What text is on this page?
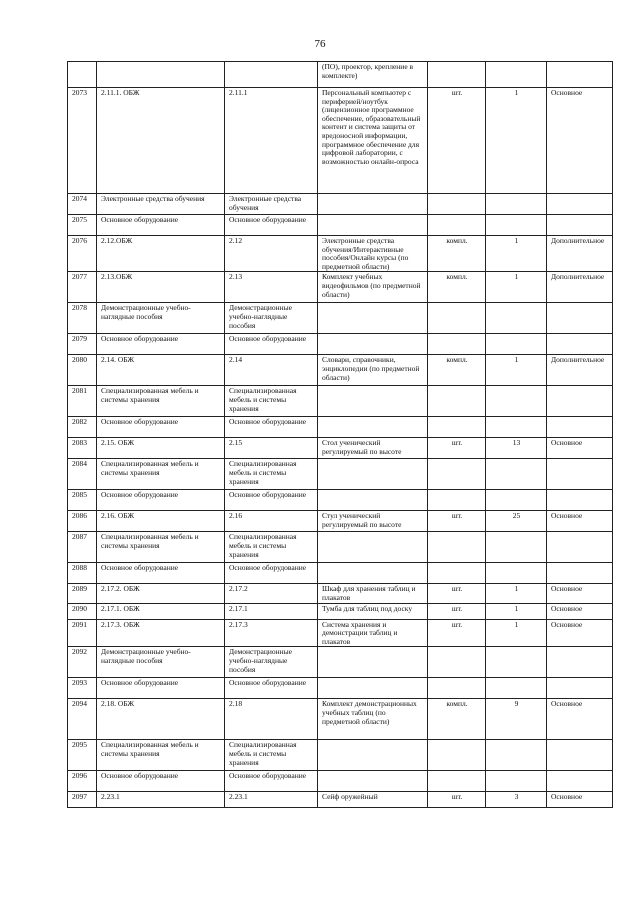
76
			(ПО), проектор, крепление в комплекте)			
2073	2.11.1. ОБЖ	2.11.1	Персональный компьютер с периферией/ноутбук (лицензионное программное обеспечение, образовательный контент и система защиты от вредоносной информации, программное обеспечение для цифровой лаборатории, с возможностью онлайн-опроса	шт.	1	Основное
2074	Электронные средства обучения	Электронные средства обучения				
2075	Основное оборудование	Основное оборудование				
2076	2.12.ОБЖ	2.12	Электронные средства обучения/Интерактивные пособия/Онлайн курсы (по предметной области)	компл.	1	Дополнительное
2077	2.13.ОБЖ	2.13	Комплект учебных видеофильмов (по предметной области)	компл.	1	Дополнительное
2078	Демонстрационные учебно-наглядные пособия	Демонстрационные учебно-наглядные пособия				
2079	Основное оборудование	Основное оборудование				
2080	2.14. ОБЖ	2.14	Словари, справочники, энциклопедии (по предметной области)	компл.	1	Дополнительное
2081	Специализированная мебель и системы хранения	Специализированная мебель и системы хранения				
2082	Основное оборудование	Основное оборудование				
2083	2.15. ОБЖ	2.15	Стол ученический регулируемый по высоте	шт.	13	Основное
2084	Специализированная мебель и системы хранения	Специализированная мебель и системы хранения				
2085	Основное оборудование	Основное оборудование				
2086	2.16. ОБЖ	2.16	Стул ученический регулируемый по высоте	шт.	25	Основное
2087	Специализированная мебель и системы хранения	Специализированная мебель и системы хранения				
2088	Основное оборудование	Основное оборудование				
2089	2.17.2. ОБЖ	2.17.2	Шкаф для хранения таблиц и плакатов	шт.	1	Основное
2090	2.17.1. ОБЖ	2.17.1	Тумба для таблиц под доску	шт.	1	Основное
2091	2.17.3. ОБЖ	2.17.3	Система хранения и демонстрации таблиц и плакатов	шт.	1	Основное
2092	Демонстрационные учебно-наглядные пособия	Демонстрационные учебно-наглядные пособия				
2093	Основное оборудование	Основное оборудование				
2094	2.18. ОБЖ	2.18	Комплект демонстрационных учебных таблиц (по предметной области)	компл.	9	Основное
2095	Специализированная мебель и системы хранения	Специализированная мебель и системы хранения				
2096	Основное оборудование	Основное оборудование				
2097	2.23.1	2.23.1	Сейф оружейный	шт.	3	Основное
